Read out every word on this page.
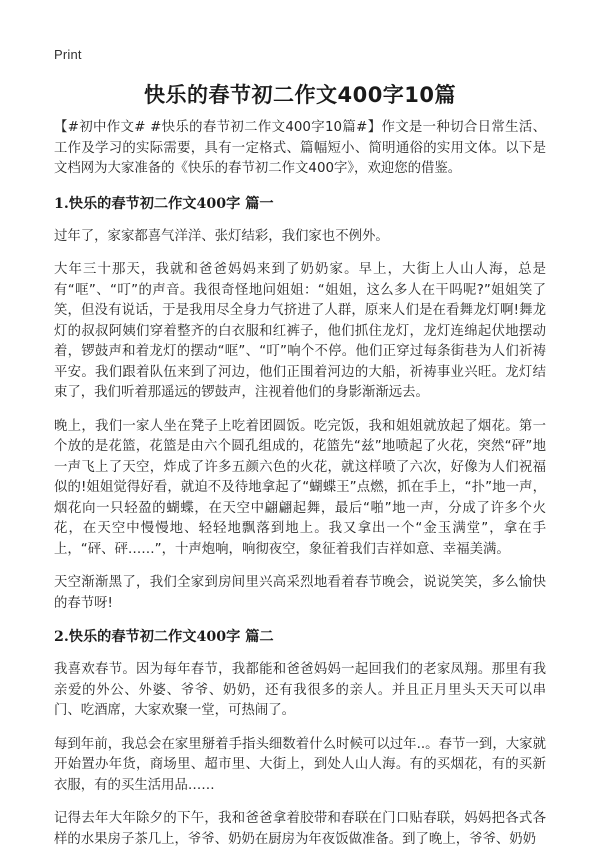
Print
快乐的春节初二作文400字10篇

【#初中作文# #快乐的春节初二作文400字10篇#】作文是一种切合日常生活、工作及学习的实际需要，具有一定格式、篇幅短小、简明通俗的实用文体。以下是文档网为大家准备的《快乐的春节初二作文400字》，欢迎您的借鉴。

1.快乐的春节初二作文400字 篇一

过年了，家家都喜气洋洋、张灯结彩，我们家也不例外。

大年三十那天，我就和爸爸妈妈来到了奶奶家。早上，大街上人山人海，总是有“哐”、“叮”的声音。我很奇怪地问姐姐：“姐姐，这么多人在干吗呢?”姐姐笑了笑，但没有说话，于是我用尽全身力气挤进了人群，原来人们是在看舞龙灯啊!舞龙灯的叔叔阿姨们穿着整齐的白衣服和红裤子，他们抓住龙灯，龙灯连绵起伏地摆动着，锣鼓声和着龙灯的摆动“哐”、“叮”响个不停。他们正穿过每条街巷为人们祈祷平安。我们跟着队伍来到了河边，他们正围着河边的大船，祈祷事业兴旺。龙灯结束了，我们听着那遥远的锣鼓声，注视着他们的身影渐渐远去。

晚上，我们一家人坐在凳子上吃着团圆饭。吃完饭，我和姐姐就放起了烟花。第一个放的是花篮，花篮是由六个圆孔组成的，花篮先“兹”地喷起了火花，突然“砰”地一声飞上了天空，炸成了许多五颜六色的火花，就这样喷了六次，好像为人们祝福似的!姐姐觉得好看，就迫不及待地拿起了“蝴蝶王”点燃，抓在手上，“扑”地一声，烟花向一只轻盈的蝴蝶，在天空中翩翩起舞，最后“啪”地一声，分成了许多个火花，在天空中慢慢地、轻轻地飘落到地上。我又拿出一个“金玉满堂”，拿在手上，“砰、砰……”，十声炮响，响彻夜空，象征着我们吉祥如意、幸福美满。

天空渐渐黑了，我们全家到房间里兴高采烈地看着春节晚会，说说笑笑，多么愉快的春节呀!

2.快乐的春节初二作文400字 篇二

我喜欢春节。因为每年春节，我都能和爸爸妈妈一起回我们的老家凤翔。那里有我亲爱的外公、外婆、爷爷、奶奶，还有我很多的亲人。并且正月里头天天可以串门、吃酒席，大家欢聚一堂，可热闹了。

每到年前，我总会在家里掰着手指头细数着什么时候可以过年..。春节一到，大家就开始置办年货，商场里、超市里、大街上，到处人山人海。有的买烟花，有的买新衣服，有的买生活用品……

记得去年大年除夕的下午，我和爸爸拿着胶带和春联在门口贴春联，妈妈把各式各样的水果房子茶几上，爷爷、奶奶在厨房为年夜饭做准备。到了晚上，爷爷、奶奶
